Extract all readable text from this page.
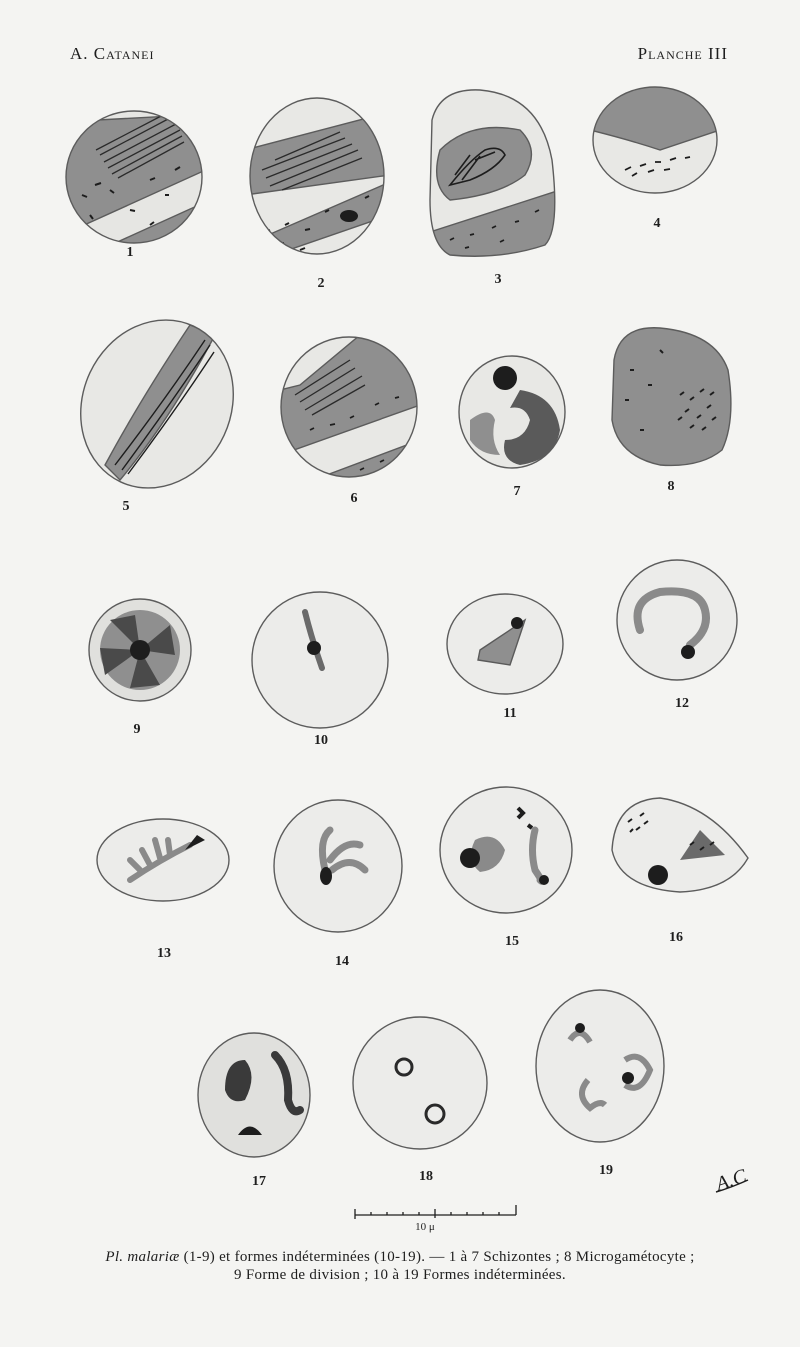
A. Catanei	Planche III
1
2	3
4
5
6	7	8
9
10
11
12
13
14
15	16
17	18	19	A.C
10 μ
Pl. malariæ (1-9) et formes indéterminées (10-19). — 1 à 7 Schizontes ; 8 Microgamétocyte ;
9 Forme de division ; 10 à 19 Formes indéterminées.
